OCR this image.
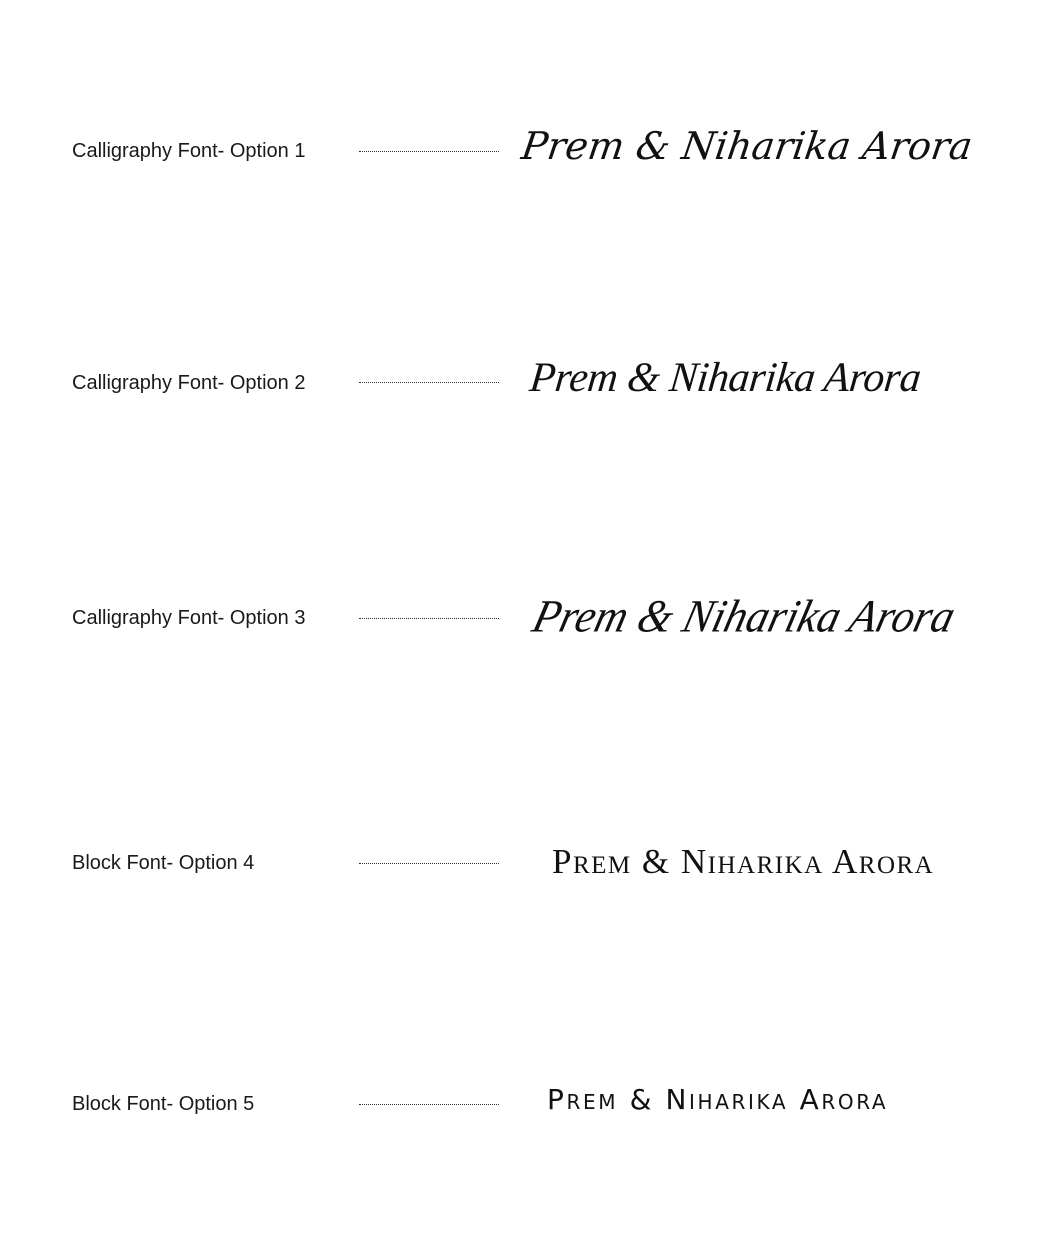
Calligraphy Font- Option 1	Prem & Niharika Arora
Calligraphy Font- Option 2	Prem & Niharika Arora
Calligraphy Font- Option 3	Prem & Niharika Arora
Block Font- Option 4	Prem & Niharika Arora
Block Font- Option 5	Prem & Niharika Arora
